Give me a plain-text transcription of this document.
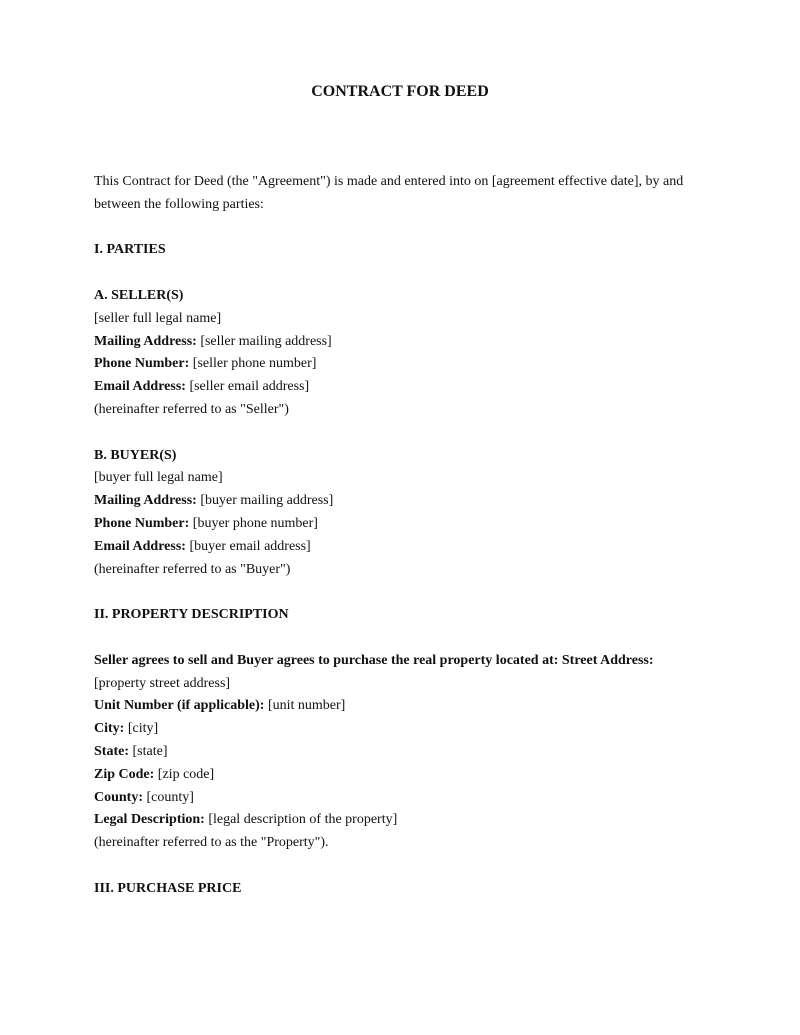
CONTRACT FOR DEED

This Contract for Deed (the "Agreement") is made and entered into on [agreement effective date], by and between the following parties:

I. PARTIES

A. SELLER(S)

[seller full legal name]

Mailing Address: [seller mailing address]

Phone Number: [seller phone number]

Email Address: [seller email address]

(hereinafter referred to as "Seller")

B. BUYER(S)

[buyer full legal name]

Mailing Address: [buyer mailing address]

Phone Number: [buyer phone number]

Email Address: [buyer email address]

(hereinafter referred to as "Buyer")

II. PROPERTY DESCRIPTION

Seller agrees to sell and Buyer agrees to purchase the real property located at: Street Address:

[property street address]

Unit Number (if applicable): [unit number]

City: [city]

State: [state]

Zip Code: [zip code]

County: [county]

Legal Description: [legal description of the property]

(hereinafter referred to as the "Property").

III. PURCHASE PRICE
